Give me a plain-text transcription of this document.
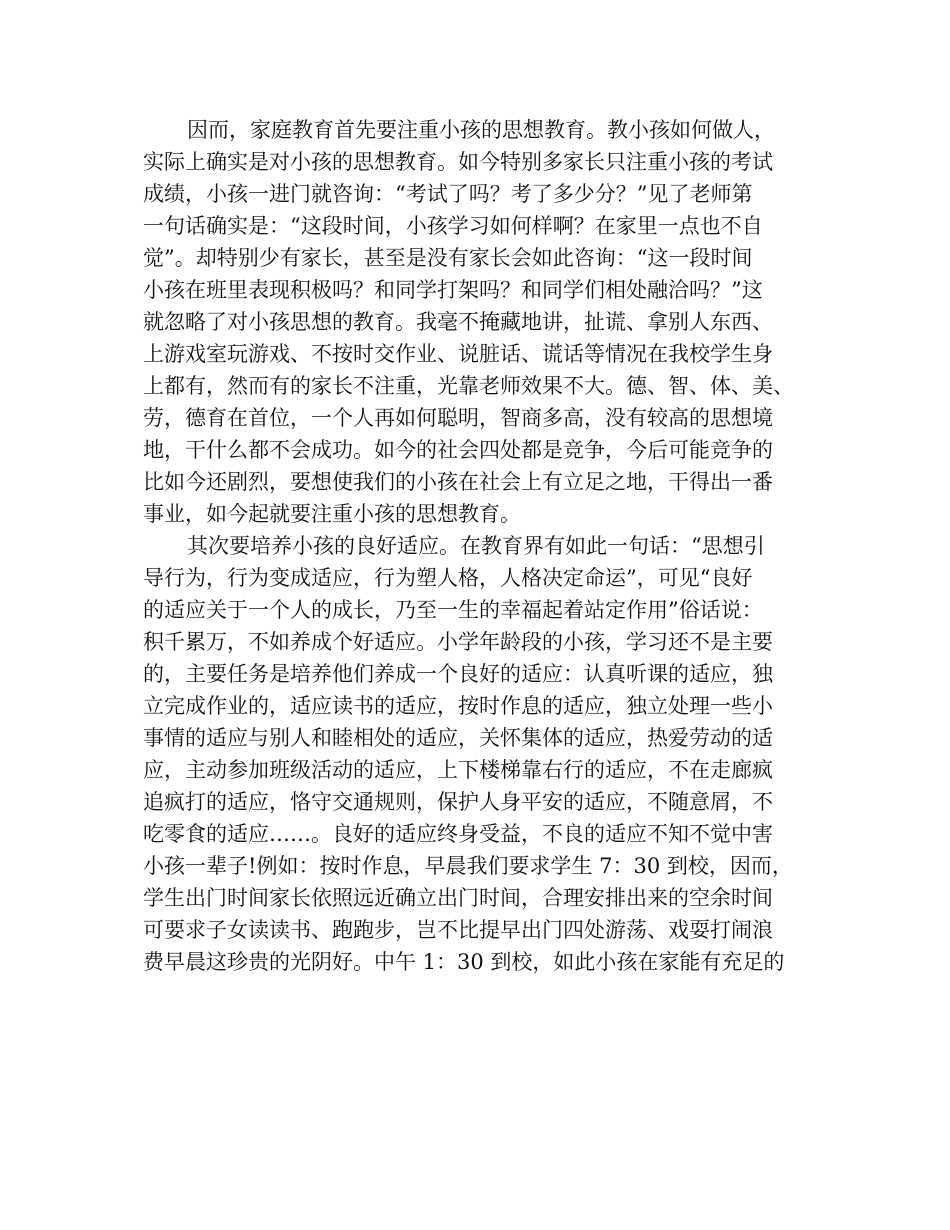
因而，家庭教育首先要注重小孩的思想教育。教小孩如何做人，
实际上确实是对小孩的思想教育。如今特别多家长只注重小孩的考试
成绩，小孩一进门就咨询：“考试了吗？考了多少分？”见了老师第
一句话确实是：“这段时间，小孩学习如何样啊？在家里一点也不自
觉”。却特别少有家长，甚至是没有家长会如此咨询：“这一段时间
小孩在班里表现积极吗？和同学打架吗？和同学们相处融洽吗？”这
就忽略了对小孩思想的教育。我毫不掩藏地讲，扯谎、拿别人东西、
上游戏室玩游戏、不按时交作业、说脏话、谎话等情况在我校学生身
上都有，然而有的家长不注重，光靠老师效果不大。德、智、体、美、
劳，德育在首位，一个人再如何聪明，智商多高，没有较高的思想境
地，干什么都不会成功。如今的社会四处都是竞争，今后可能竞争的
比如今还剧烈，要想使我们的小孩在社会上有立足之地，干得出一番
事业，如今起就要注重小孩的思想教育。
其次要培养小孩的良好适应。在教育界有如此一句话：“思想引
导行为，行为变成适应，行为塑人格，人格决定命运”，可见“良好
的适应关于一个人的成长，乃至一生的幸福起着站定作用”俗话说：
积千累万，不如养成个好适应。小学年龄段的小孩，学习还不是主要
的，主要任务是培养他们养成一个良好的适应：认真听课的适应，独
立完成作业的，适应读书的适应，按时作息的适应，独立处理一些小
事情的适应与别人和睦相处的适应，关怀集体的适应，热爱劳动的适
应，主动参加班级活动的适应，上下楼梯靠右行的适应，不在走廊疯
追疯打的适应，恪守交通规则，保护人身平安的适应，不随意屑，不
吃零食的适应……。良好的适应终身受益，不良的适应不知不觉中害
小孩一辈子!例如：按时作息，早晨我们要求学生 7：30 到校，因而，
学生出门时间家长依照远近确立出门时间，合理安排出来的空余时间
可要求子女读读书、跑跑步，岂不比提早出门四处游荡、戏耍打闹浪
费早晨这珍贵的光阴好。中午 1：30 到校，如此小孩在家能有充足的
